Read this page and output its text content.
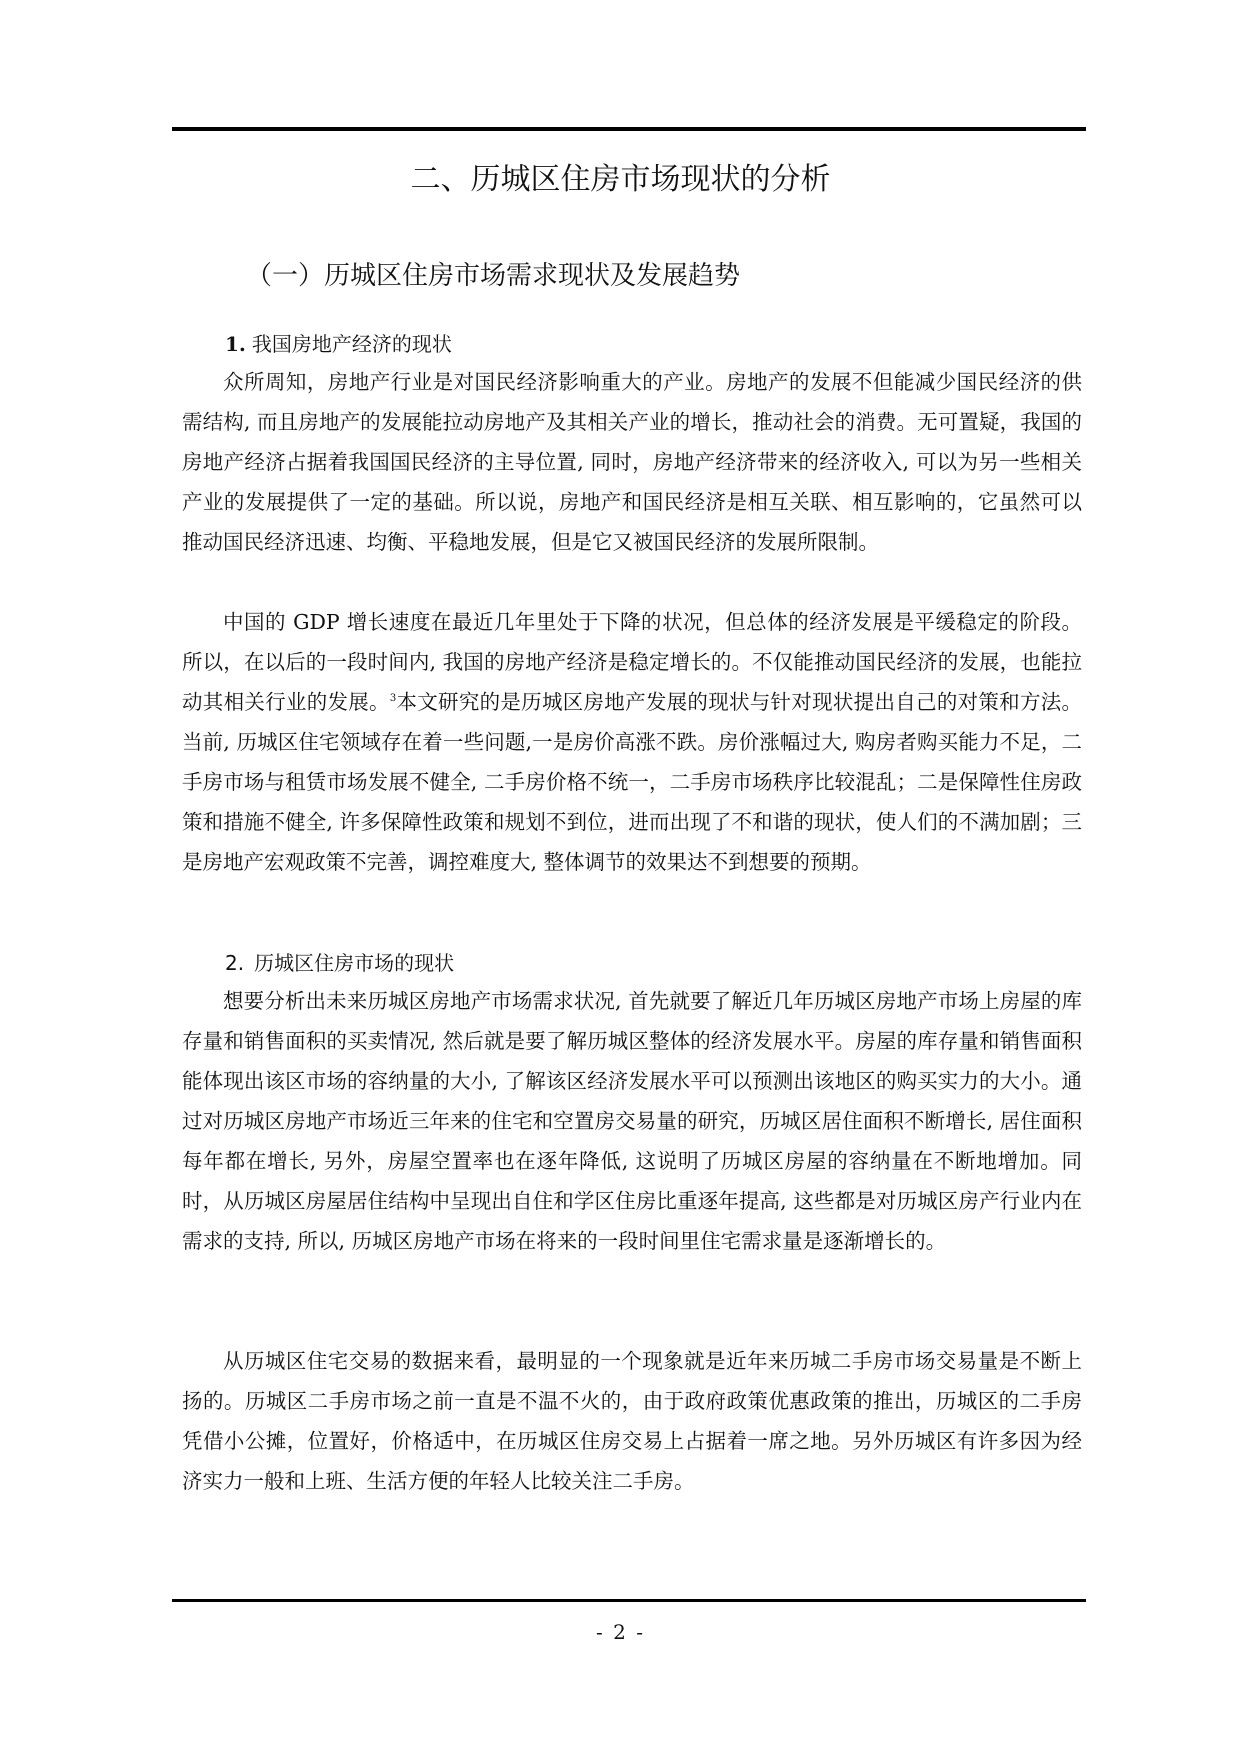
二、历城区住房市场现状的分析
（一）历城区住房市场需求现状及发展趋势
1. 我国房地产经济的现状

众所周知，房地产行业是对国民经济影响重大的产业。房地产的发展不但能减少国民经济的供需结构, 而且房地产的发展能拉动房地产及其相关产业的增长，推动社会的消费。无可置疑，我国的房地产经济占据着我国国民经济的主导位置, 同时，房地产经济带来的经济收入, 可以为另一些相关产业的发展提供了一定的基础。所以说，房地产和国民经济是相互关联、相互影响的，它虽然可以推动国民经济迅速、均衡、平稳地发展，但是它又被国民经济的发展所限制。

中国的 GDP 增长速度在最近几年里处于下降的状况，但总体的经济发展是平缓稳定的阶段。所以，在以后的一段时间内, 我国的房地产经济是稳定增长的。不仅能推动国民经济的发展，也能拉动其相关行业的发展。$^3$本文研究的是历城区房地产发展的现状与针对现状提出自己的对策和方法。当前, 历城区住宅领域存在着一些问题,一是房价高涨不跌。房价涨幅过大, 购房者购买能力不足，二手房市场与租赁市场发展不健全, 二手房价格不统一，二手房市场秩序比较混乱；二是保障性住房政策和措施不健全, 许多保障性政策和规划不到位，进而出现了不和谐的现状，使人们的不满加剧；三是房地产宏观政策不完善，调控难度大, 整体调节的效果达不到想要的预期。

2. 历城区住房市场的现状

想要分析出未来历城区房地产市场需求状况, 首先就要了解近几年历城区房地产市场上房屋的库存量和销售面积的买卖情况, 然后就是要了解历城区整体的经济发展水平。房屋的库存量和销售面积能体现出该区市场的容纳量的大小, 了解该区经济发展水平可以预测出该地区的购买实力的大小。通过对历城区房地产市场近三年来的住宅和空置房交易量的研究，历城区居住面积不断增长, 居住面积每年都在增长, 另外，房屋空置率也在逐年降低, 这说明了历城区房屋的容纳量在不断地增加。同时，从历城区房屋居住结构中呈现出自住和学区住房比重逐年提高, 这些都是对历城区房产行业内在需求的支持, 所以, 历城区房地产市场在将来的一段时间里住宅需求量是逐渐增长的。

从历城区住宅交易的数据来看，最明显的一个现象就是近年来历城二手房市场交易量是不断上扬的。历城区二手房市场之前一直是不温不火的，由于政府政策优惠政策的推出，历城区的二手房凭借小公摊，位置好，价格适中，在历城区住房交易上占据着一席之地。另外历城区有许多因为经济实力一般和上班、生活方便的年轻人比较关注二手房。

- 2 -
